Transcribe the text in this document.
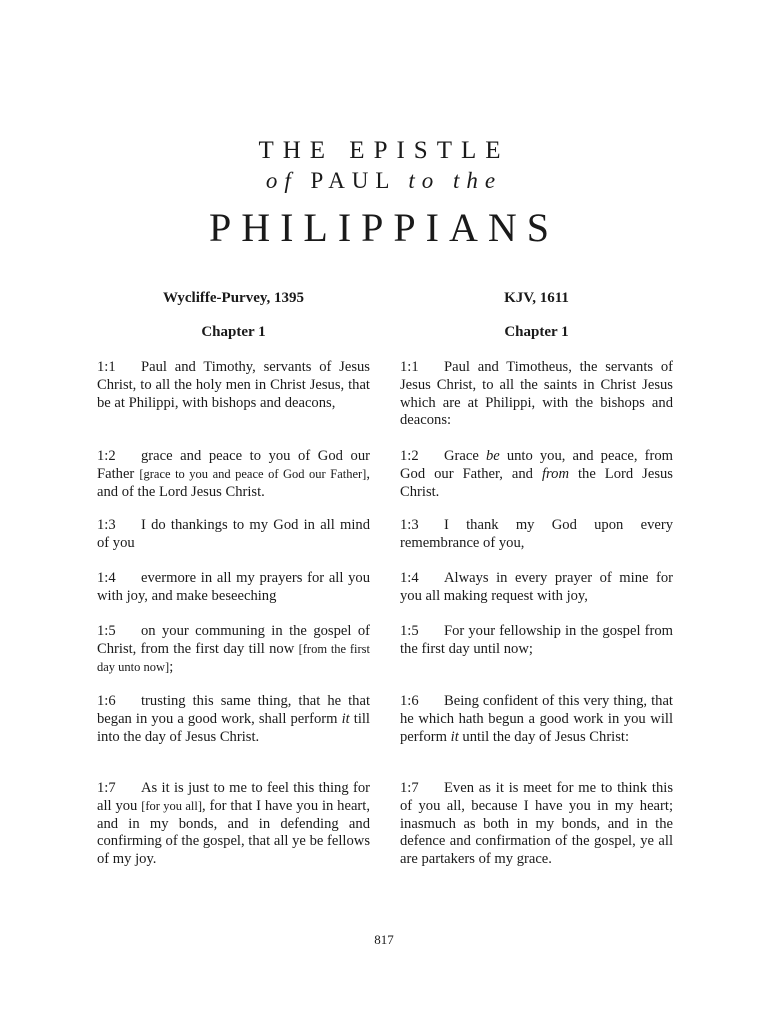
THE EPISTLE
of PAUL to the
PHILIPPIANS
Wycliffe-Purvey, 1395
Chapter 1

1:1 Paul and Timothy, servants of Jesus Christ, to all the holy men in Christ Jesus, that be at Philippi, with bishops and deacons,

1:2 grace and peace to you of God our Father [grace to you and peace of God our Father], and of the Lord Jesus Christ.

1:3 I do thankings to my God in all mind of you

1:4 evermore in all my prayers for all you with joy, and make beseeching

1:5 on your communing in the gospel of Christ, from the first day till now [from the first day unto now];

1:6 trusting this same thing, that he that began in you a good work, shall perform it till into the day of Jesus Christ.

1:7 As it is just to me to feel this thing for all you [for you all], for that I have you in heart, and in my bonds, and in defending and confirming of the gospel, that all ye be fellows of my joy.

KJV, 1611
Chapter 1

1:1 Paul and Timotheus, the servants of Jesus Christ, to all the saints in Christ Jesus which are at Philippi, with the bishops and deacons:

1:2 Grace be unto you, and peace, from God our Father, and from the Lord Jesus Christ.

1:3 I thank my God upon every remembrance of you,

1:4 Always in every prayer of mine for you all making request with joy,

1:5 For your fellowship in the gospel from the first day until now;

1:6 Being confident of this very thing, that he which hath begun a good work in you will perform it until the day of Jesus Christ:

1:7 Even as it is meet for me to think this of you all, because I have you in my heart; inasmuch as both in my bonds, and in the defence and confirmation of the gospel, ye all are partakers of my grace.

817
